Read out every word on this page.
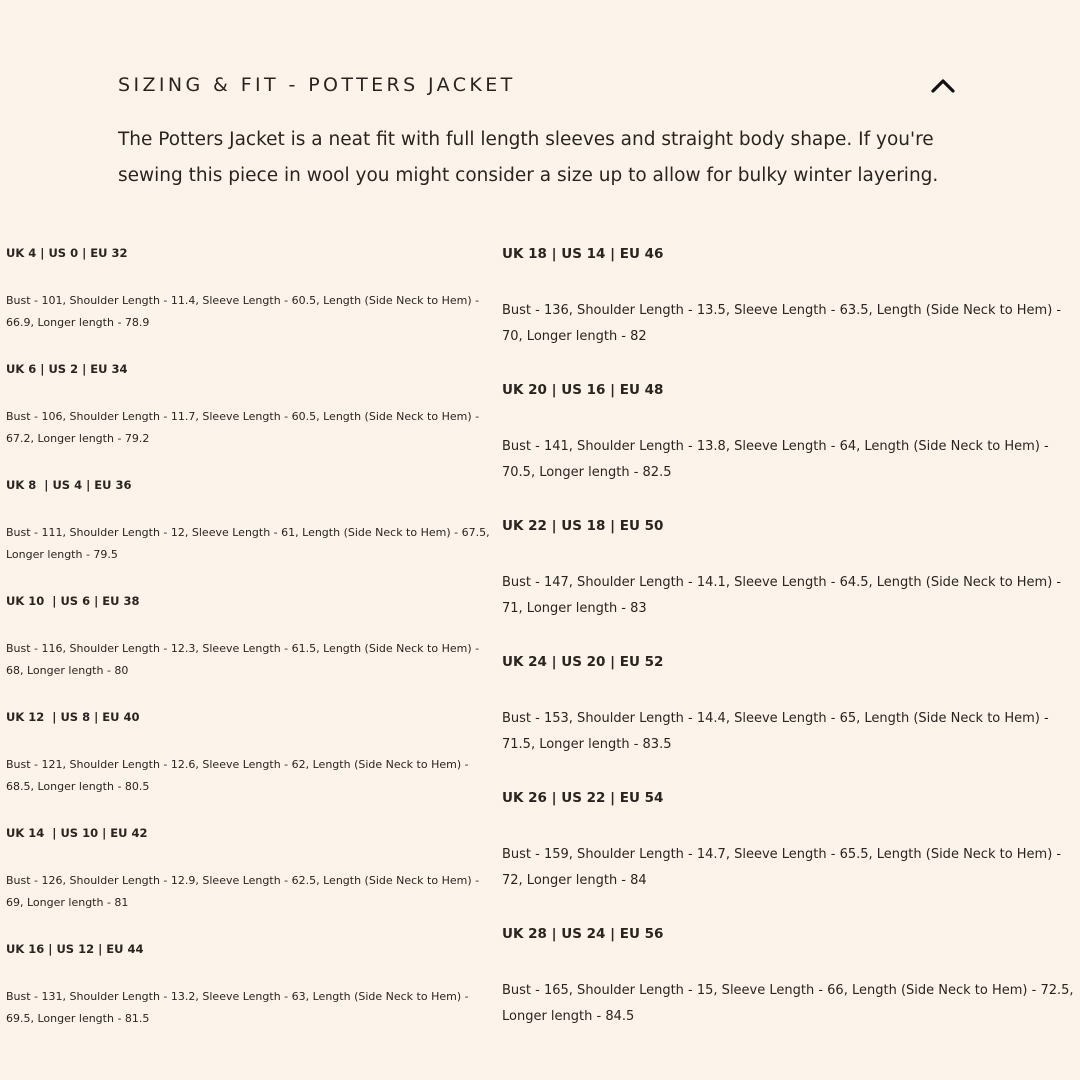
SIZING & FIT - POTTERS JACKET

The Potters Jacket is a neat fit with full length sleeves and straight body shape. If you're sewing this piece in wool you might consider a size up to allow for bulky winter layering.

UK 4 | US 0 | EU 32

Bust - 101, Shoulder Length - 11.4, Sleeve Length - 60.5, Length (Side Neck to Hem) - 66.9, Longer length - 78.9

UK 6 | US 2 | EU 34

Bust - 106, Shoulder Length - 11.7, Sleeve Length - 60.5, Length (Side Neck to Hem) - 67.2, Longer length - 79.2

UK 8  | US 4 | EU 36

Bust - 111, Shoulder Length - 12, Sleeve Length - 61, Length (Side Neck to Hem) - 67.5, Longer length - 79.5

UK 10  | US 6 | EU 38

Bust - 116, Shoulder Length - 12.3, Sleeve Length - 61.5, Length (Side Neck to Hem) - 68, Longer length - 80

UK 12  | US 8 | EU 40

Bust - 121, Shoulder Length - 12.6, Sleeve Length - 62, Length (Side Neck to Hem) - 68.5, Longer length - 80.5

UK 14  | US 10 | EU 42

Bust - 126, Shoulder Length - 12.9, Sleeve Length - 62.5, Length (Side Neck to Hem) - 69, Longer length - 81

UK 16 | US 12 | EU 44

Bust - 131, Shoulder Length - 13.2, Sleeve Length - 63, Length (Side Neck to Hem) - 69.5, Longer length - 81.5

UK 18 | US 14 | EU 46

Bust - 136, Shoulder Length - 13.5, Sleeve Length - 63.5, Length (Side Neck to Hem) - 70, Longer length - 82

UK 20 | US 16 | EU 48

Bust - 141, Shoulder Length - 13.8, Sleeve Length - 64, Length (Side Neck to Hem) - 70.5, Longer length - 82.5

UK 22 | US 18 | EU 50

Bust - 147, Shoulder Length - 14.1, Sleeve Length - 64.5, Length (Side Neck to Hem) - 71, Longer length - 83

UK 24 | US 20 | EU 52

Bust - 153, Shoulder Length - 14.4, Sleeve Length - 65, Length (Side Neck to Hem) - 71.5, Longer length - 83.5

UK 26 | US 22 | EU 54

Bust - 159, Shoulder Length - 14.7, Sleeve Length - 65.5, Length (Side Neck to Hem) - 72, Longer length - 84

UK 28 | US 24 | EU 56

Bust - 165, Shoulder Length - 15, Sleeve Length - 66, Length (Side Neck to Hem) - 72.5, Longer length - 84.5
